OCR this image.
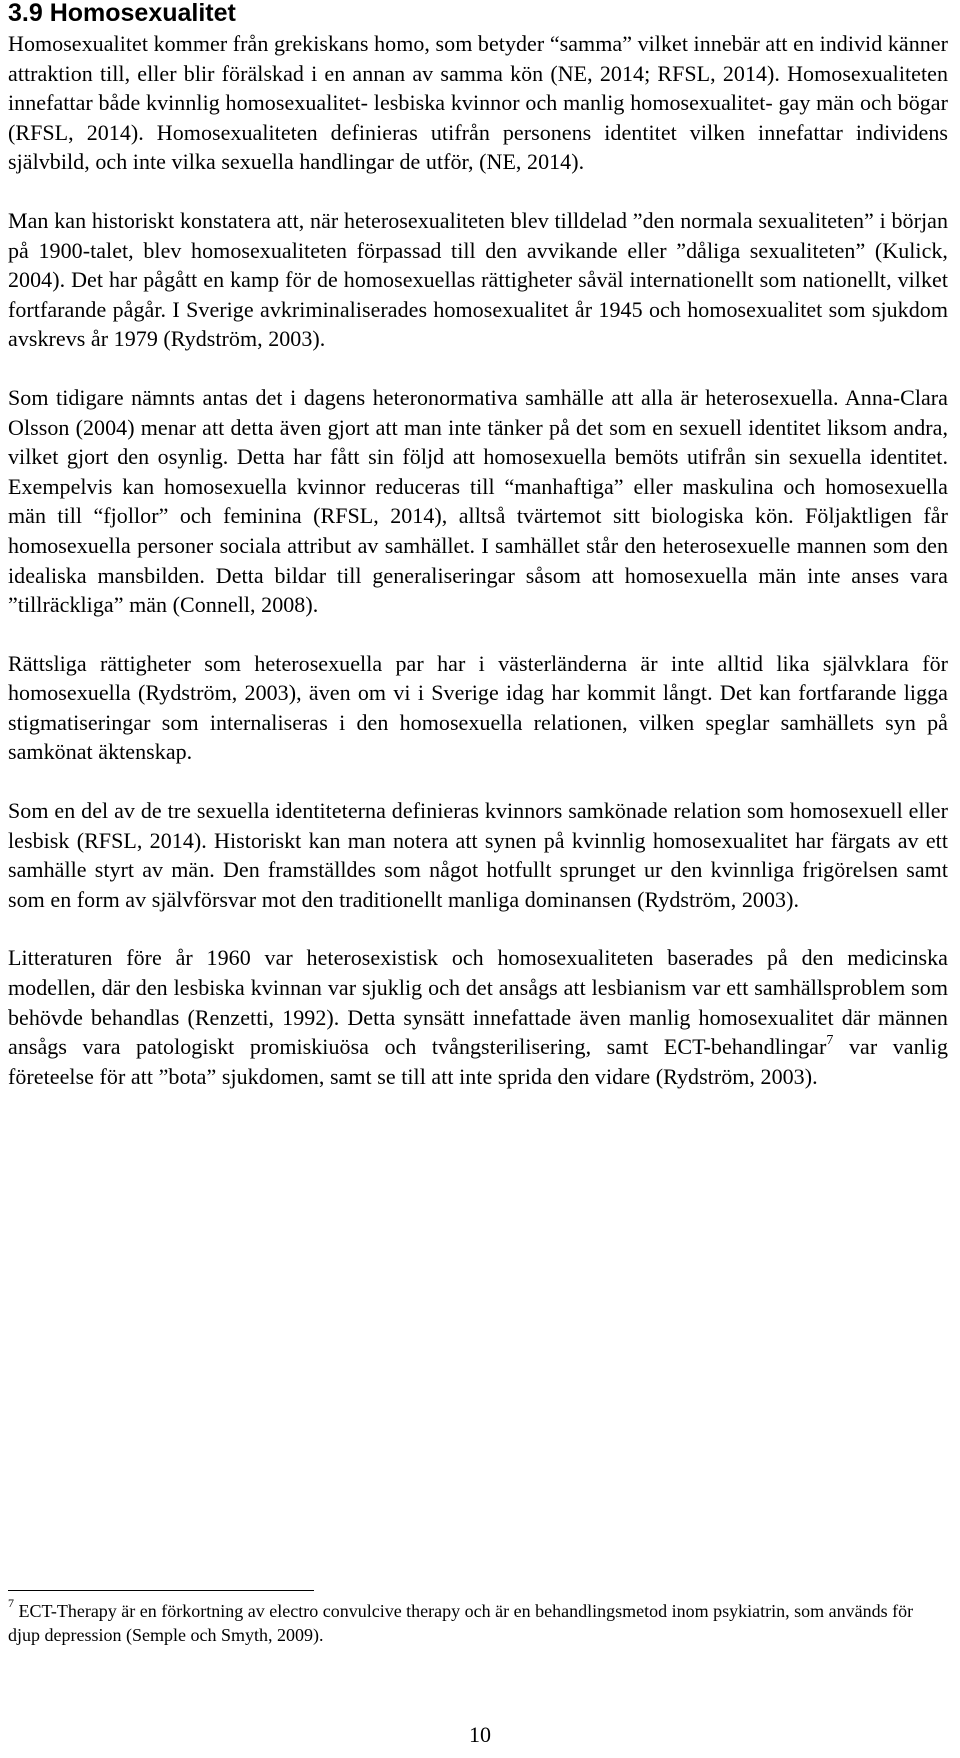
3.9 Homosexualitet

Homosexualitet kommer från grekiskans homo, som betyder “samma” vilket innebär att en individ känner attraktion till, eller blir förälskad i en annan av samma kön (NE, 2014; RFSL, 2014). Homosexualiteten innefattar både kvinnlig homosexualitet- lesbiska kvinnor och manlig homosexualitet- gay män och bögar (RFSL, 2014). Homosexualiteten definieras utifrån personens identitet vilken innefattar individens självbild, och inte vilka sexuella handlingar de utför, (NE, 2014).

Man kan historiskt konstatera att, när heterosexualiteten blev tilldelad ”den normala sexualiteten” i början på 1900-talet, blev homosexualiteten förpassad till den avvikande eller ”dåliga sexualiteten” (Kulick, 2004). Det har pågått en kamp för de homosexuellas rättigheter såväl internationellt som nationellt, vilket fortfarande pågår. I Sverige avkriminaliserades homosexualitet år 1945 och homosexualitet som sjukdom avskrevs år 1979 (Rydström, 2003).

Som tidigare nämnts antas det i dagens heteronormativa samhälle att alla är heterosexuella. Anna-Clara Olsson (2004) menar att detta även gjort att man inte tänker på det som en sexuell identitet liksom andra, vilket gjort den osynlig. Detta har fått sin följd att homosexuella bemöts utifrån sin sexuella identitet. Exempelvis kan homosexuella kvinnor reduceras till “manhaftiga” eller maskulina och homosexuella män till “fjollor” och feminina (RFSL, 2014), alltså tvärtemot sitt biologiska kön. Följaktligen får homosexuella personer sociala attribut av samhället. I samhället står den heterosexuelle mannen som den idealiska mansbilden. Detta bildar till generaliseringar såsom att homosexuella män inte anses vara ”tillräckliga” män (Connell, 2008).

Rättsliga rättigheter som heterosexuella par har i västerländerna är inte alltid lika självklara för homosexuella (Rydström, 2003), även om vi i Sverige idag har kommit långt. Det kan fortfarande ligga stigmatiseringar som internaliseras i den homosexuella relationen, vilken speglar samhällets syn på samkönat äktenskap.

Som en del av de tre sexuella identiteterna definieras kvinnors samkönade relation som homosexuell eller lesbisk (RFSL, 2014). Historiskt kan man notera att synen på kvinnlig homosexualitet har färgats av ett samhälle styrt av män. Den framställdes som något hotfullt sprunget ur den kvinnliga frigörelsen samt som en form av självförsvar mot den traditionellt manliga dominansen (Rydström, 2003).

Litteraturen före år 1960 var heterosexistisk och homosexualiteten baserades på den medicinska modellen, där den lesbiska kvinnan var sjuklig och det ansågs att lesbianism var ett samhällsproblem som behövde behandlas (Renzetti, 1992). Detta synsätt innefattade även manlig homosexualitet där männen ansågs vara patologiskt promiskiuösa och tvångsterilisering, samt ECT-behandlingar$^7$ var vanlig företeelse för att ”bota” sjukdomen, samt se till att inte sprida den vidare (Rydström, 2003).

$^7$ ECT-Therapy är en förkortning av electro convulcive therapy och är en behandlingsmetod inom psykiatrin, som används för djup depression (Semple och Smyth, 2009).

10
